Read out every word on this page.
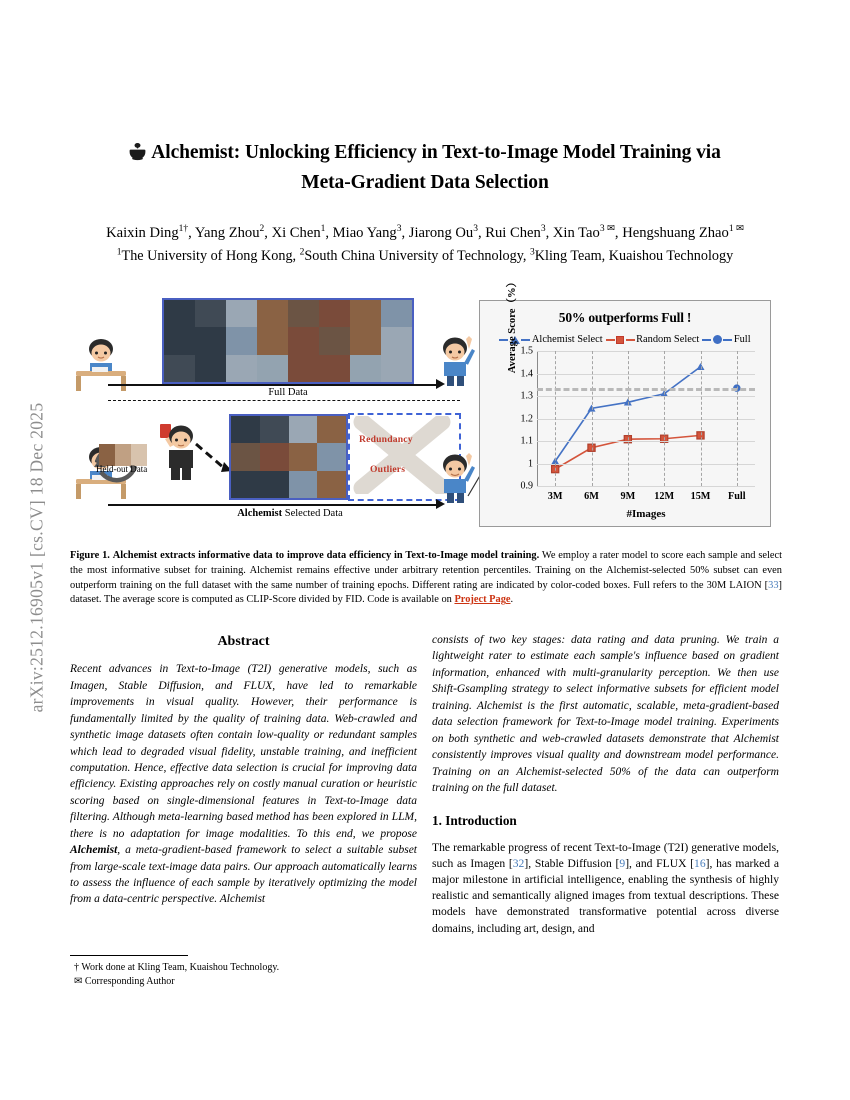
arXiv:2512.16905v1 [cs.CV] 18 Dec 2025
Alchemist: Unlocking Efficiency in Text-to-Image Model Training via
Meta-Gradient Data Selection
Kaixin Ding$^{1\dagger}$, Yang Zhou$^2$, Xi Chen$^1$, Miao Yang$^3$, Jiarong Ou$^3$, Rui Chen$^3$, Xin Tao$^{3 ✉}$, Hengshuang Zhao$^{1 ✉}$
$^1$The University of Hong Kong, $^2$South China University of Technology, $^3$Kling Team, Kuaishou Technology
Full Data
Held-out Data
Redundancy
Outliers
Alchemist Selected Data
50% outperforms Full !
Alchemist Select	Random Select	Full
Average Score（%）
#Images
1.5
1.4
1.3
1.2
1.1
1
0.9
3M 6M 9M 12M 15M Full
Figure 1. Alchemist extracts informative data to improve data efficiency in Text-to-Image model training. We employ a rater model to score each sample and select the most informative subset for training. Alchemist remains effective under arbitrary retention percentiles. Training on the Alchemist-selected 50% subset can even outperform training on the full dataset with the same number of training epochs. Different rating are indicated by color-coded boxes. Full refers to the 30M LAION [33] dataset. The average score is computed as CLIP-Score divided by FID. Code is available on Project Page.
Abstract
Recent advances in Text-to-Image (T2I) generative models, such as Imagen, Stable Diffusion, and FLUX, have led to remarkable improvements in visual quality. However, their performance is fundamentally limited by the quality of training data. Web-crawled and synthetic image datasets often contain low-quality or redundant samples which lead to degraded visual fidelity, unstable training, and inefficient computation. Hence, effective data selection is crucial for improving data efficiency. Existing approaches rely on costly manual curation or heuristic scoring based on single-dimensional features in Text-to-Image data filtering. Although meta-learning based method has been explored in LLM, there is no adaptation for image modalities. To this end, we propose Alchemist, a meta-gradient-based framework to select a suitable subset from large-scale text-image data pairs. Our approach automatically learns to assess the influence of each sample by iteratively optimizing the model from a data-centric perspective. Alchemist
† Work done at Kling Team, Kuaishou Technology.
✉ Corresponding Author
consists of two key stages: data rating and data pruning. We train a lightweight rater to estimate each sample's influence based on gradient information, enhanced with multi-granularity perception. We then use Shift-Gsampling strategy to select informative subsets for efficient model training. Alchemist is the first automatic, scalable, meta-gradient-based data selection framework for Text-to-Image model training. Experiments on both synthetic and web-crawled datasets demonstrate that Alchemist consistently improves visual quality and downstream model performance. Training on an Alchemist-selected 50% of the data can outperform training on the full dataset.
1. Introduction
The remarkable progress of recent Text-to-Image (T2I) generative models, such as Imagen [32], Stable Diffusion [9], and FLUX [16], has marked a major milestone in artificial intelligence, enabling the synthesis of highly realistic and semantically aligned images from textual descriptions. These models have demonstrated transformative potential across diverse domains, including art, design, and
